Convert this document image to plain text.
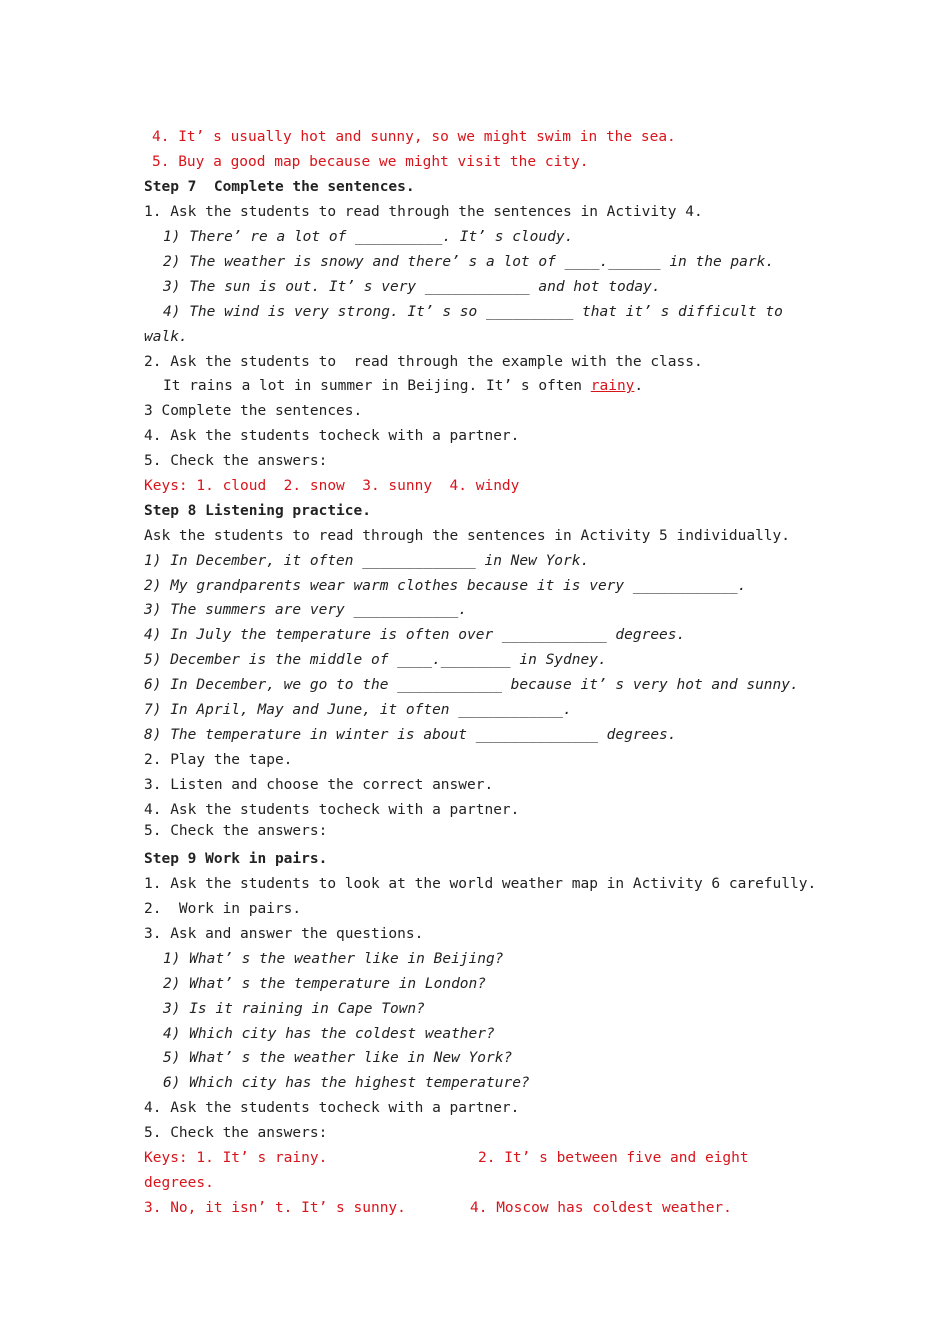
4. It’ s usually hot and sunny, so we might swim in the sea.
5. Buy a good map because we might visit the city.
Step 7  Complete the sentences.
1. Ask the students to read through the sentences in Activity 4.
1) There’ re a lot of __________. It’ s cloudy.
2) The weather is snowy and there’ s a lot of ____.______ in the park.
3) The sun is out. It’ s very ____________ and hot today.
4) The wind is very strong. It’ s so __________ that it’ s difficult to
walk.
2. Ask the students to  read through the example with the class.
It rains a lot in summer in Beijing. It’ s often rainy.
3 Complete the sentences.
4. Ask the students tocheck with a partner.
5. Check the answers:
Keys: 1. cloud  2. snow  3. sunny  4. windy
Step 8 Listening practice.
Ask the students to read through the sentences in Activity 5 individually.
1) In December, it often _____________ in New York.
2) My grandparents wear warm clothes because it is very ____________.
3) The summers are very ____________.
4) In July the temperature is often over ____________ degrees.
5) December is the middle of ____.________ in Sydney.
6) In December, we go to the ____________ because it’ s very hot and sunny.
7) In April, May and June, it often ____________.
8) The temperature in winter is about ______________ degrees.
2. Play the tape.
3. Listen and choose the correct answer.
4. Ask the students tocheck with a partner.
5. Check the answers:
Step 9 Work in pairs.
1. Ask the students to look at the world weather map in Activity 6 carefully.
2.  Work in pairs.
3. Ask and answer the questions.
1) What’ s the weather like in Beijing?
2) What’ s the temperature in London?
3) Is it raining in Cape Town?
4) Which city has the coldest weather?
5) What’ s the weather like in New York?
6) Which city has the highest temperature?
4. Ask the students tocheck with a partner.
5. Check the answers:
Keys: 1. It’ s rainy.	2. It’ s between five and eight
degrees.
3. No, it isn’ t. It’ s sunny.	4. Moscow has coldest weather.
